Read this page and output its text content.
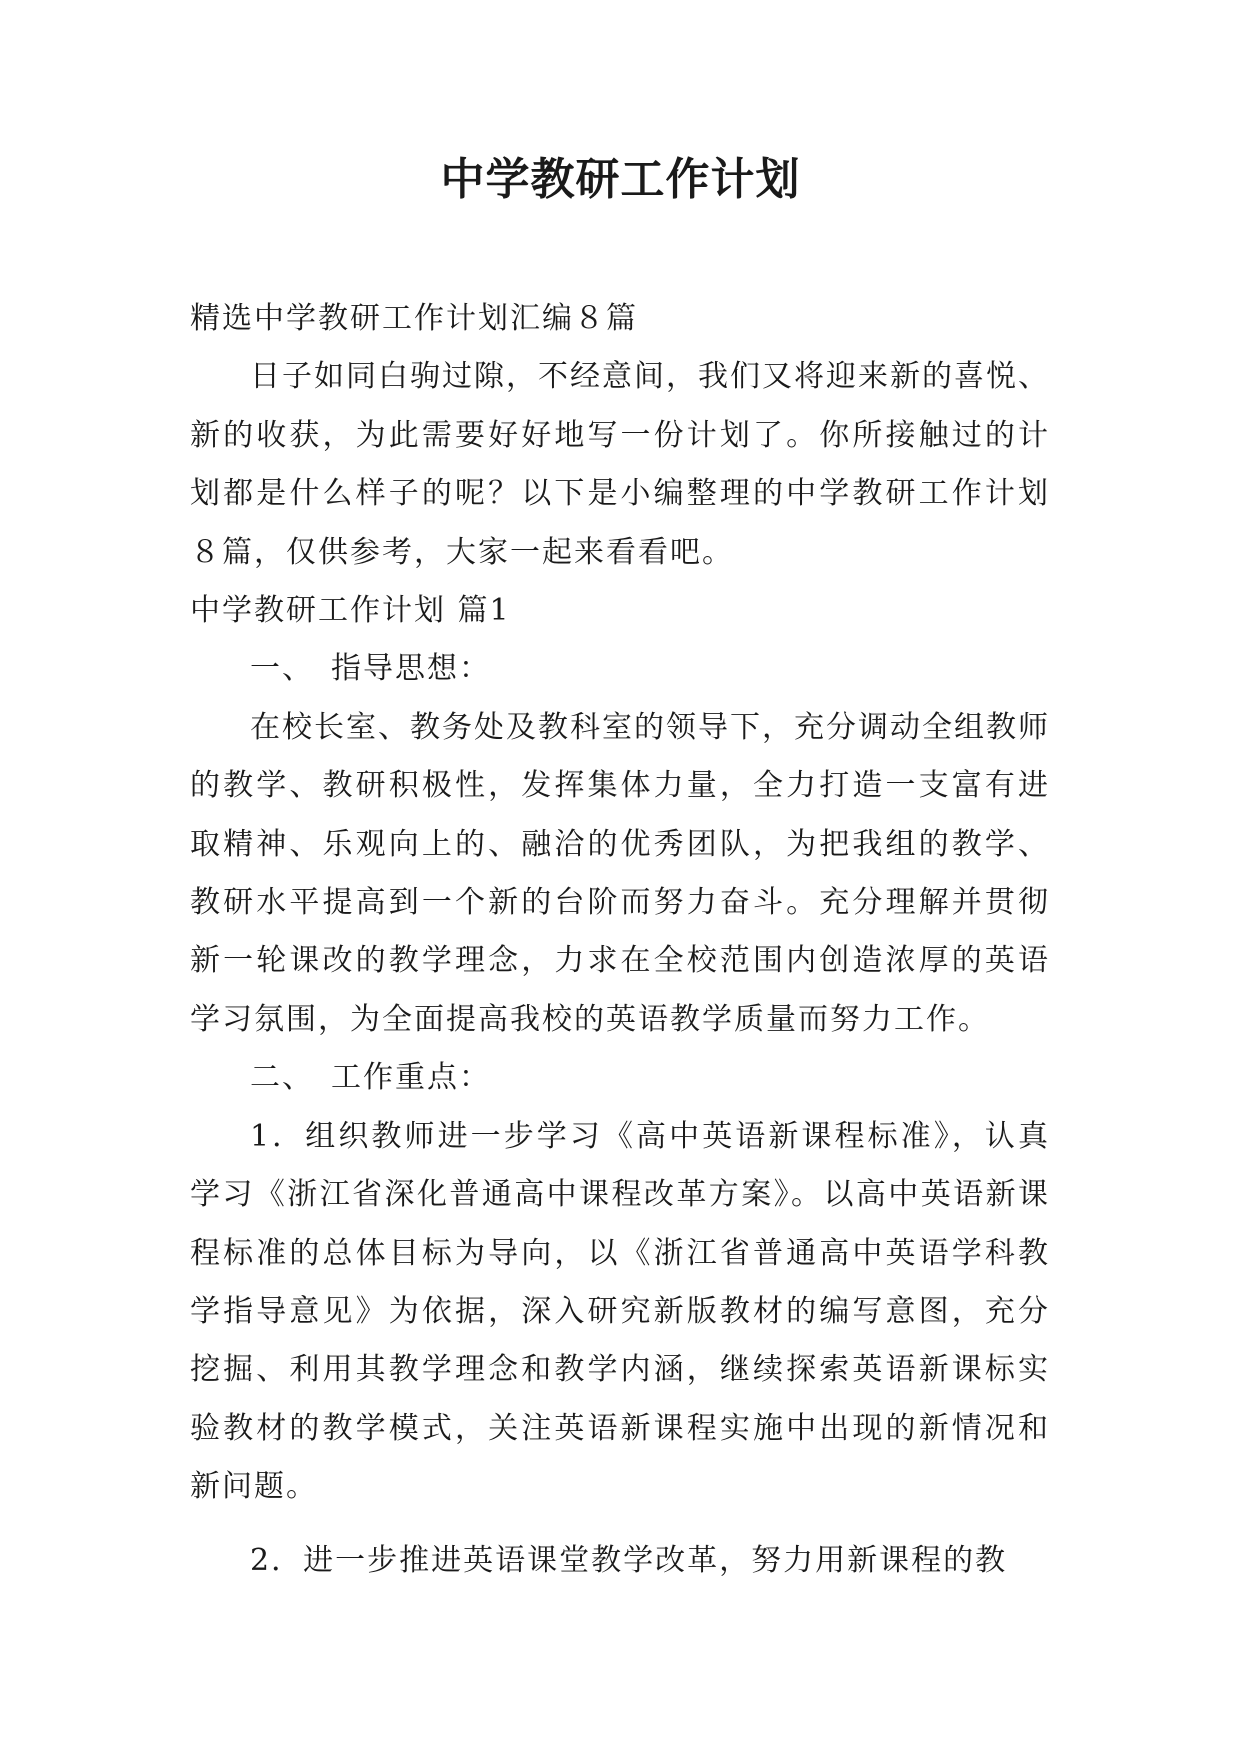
中学教研工作计划

精选中学教研工作计划汇编８篇

日子如同白驹过隙，不经意间，我们又将迎来新的喜悦、新的收获，为此需要好好地写一份计划了。你所接触过的计划都是什么样子的呢？以下是小编整理的中学教研工作计划８篇，仅供参考，大家一起来看看吧。

中学教研工作计划 篇1

一、　指导思想：

在校长室、教务处及教科室的领导下，充分调动全组教师的教学、教研积极性，发挥集体力量，全力打造一支富有进取精神、乐观向上的、融洽的优秀团队，为把我组的教学、教研水平提高到一个新的台阶而努力奋斗。充分理解并贯彻新一轮课改的教学理念，力求在全校范围内创造浓厚的英语学习氛围，为全面提高我校的英语教学质量而努力工作。

二、　工作重点：

1．组织教师进一步学习《高中英语新课程标准》，认真学习《浙江省深化普通高中课程改革方案》。以高中英语新课程标准的总体目标为导向，以《浙江省普通高中英语学科教学指导意见》为依据，深入研究新版教材的编写意图，充分挖掘、利用其教学理念和教学内涵，继续探索英语新课标实验教材的教学模式，关注英语新课程实施中出现的新情况和新问题。

2．进一步推进英语课堂教学改革，努力用新课程的教
